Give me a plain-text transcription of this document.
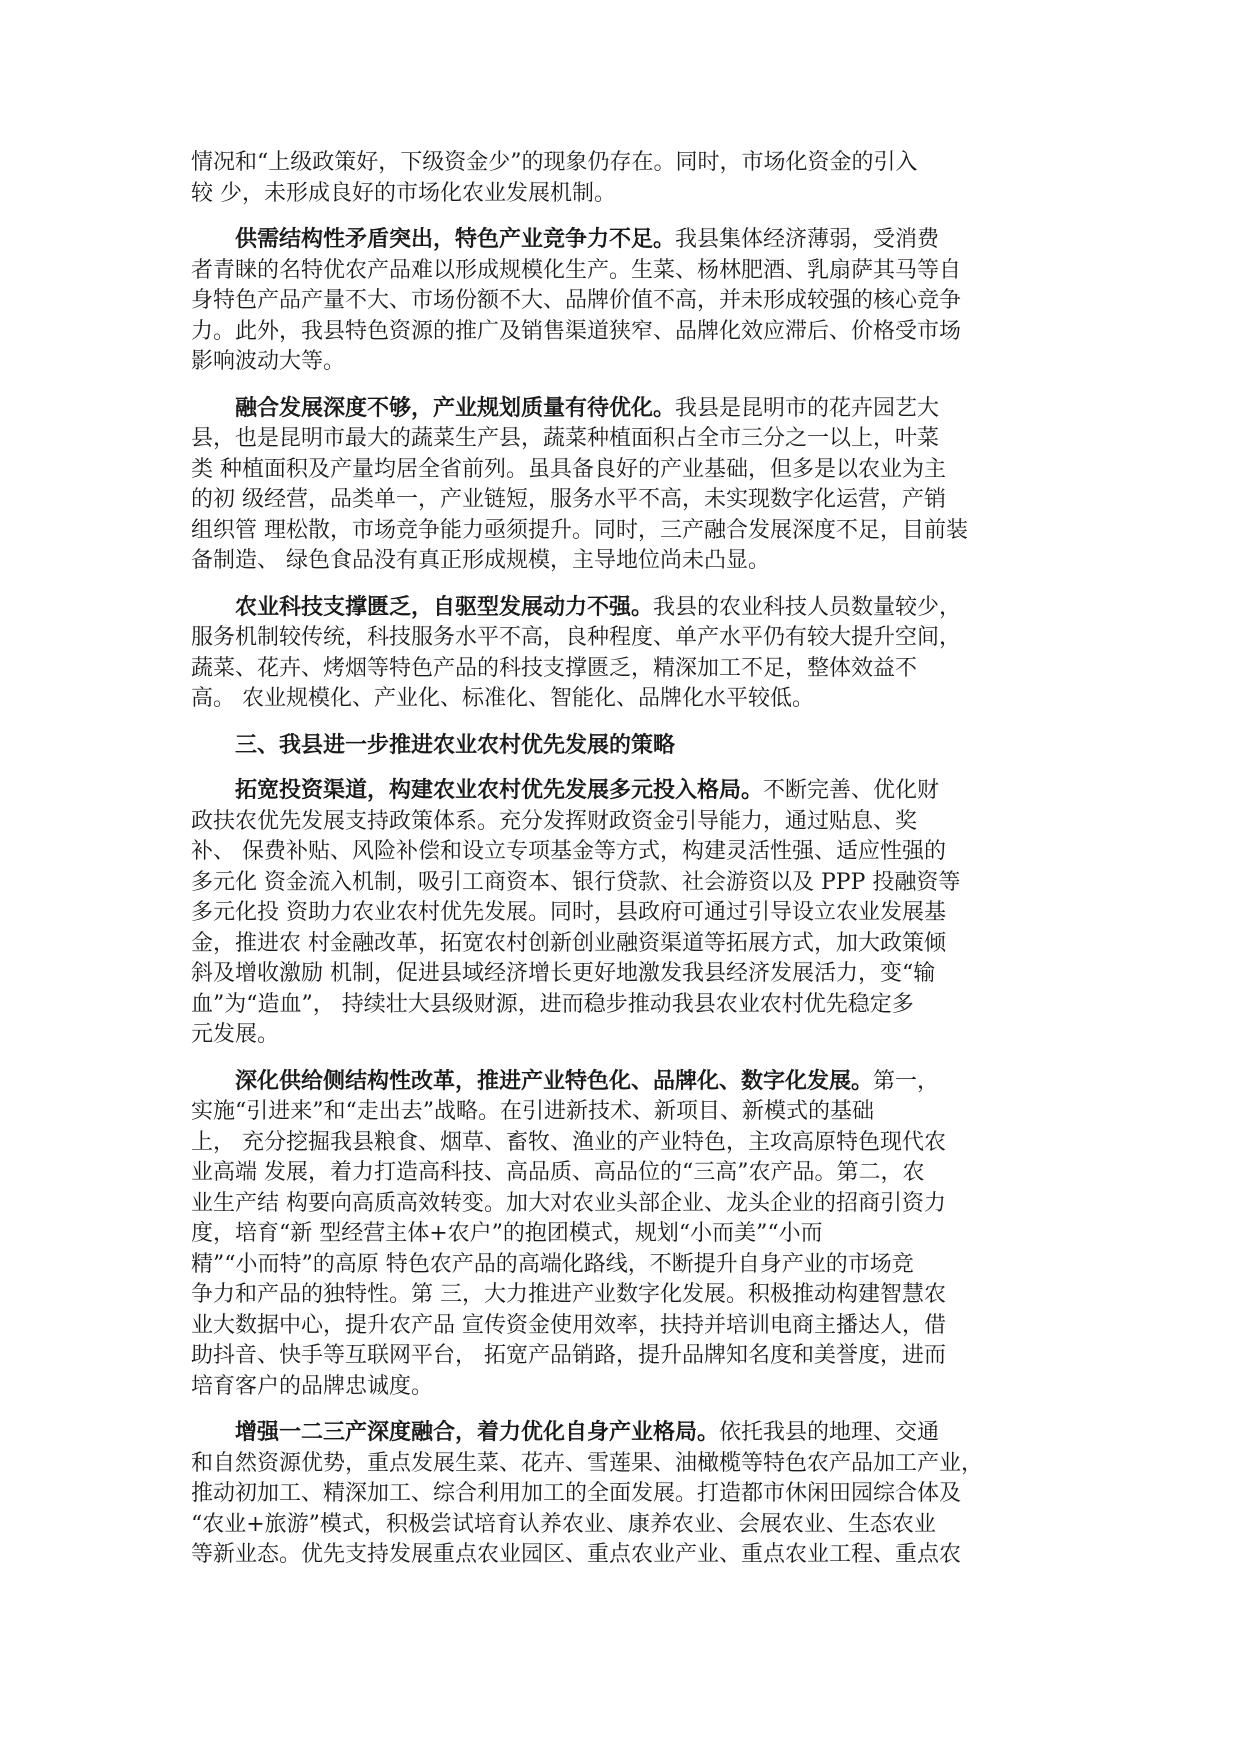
情况和“上级政策好，下级资金少”的现象仍存在。同时，市场化资金的引入
较 少，未形成良好的市场化农业发展机制。
供需结构性矛盾突出，特色产业竞争力不足。我县集体经济薄弱，受消费
者青睐的名特优农产品难以形成规模化生产。生菜、杨林肥酒、乳扇萨其马等自
身特色产品产量不大、市场份额不大、品牌价值不高，并未形成较强的核心竞争
力。此外，我县特色资源的推广及销售渠道狭窄、品牌化效应滞后、价格受市场
影响波动大等。
融合发展深度不够，产业规划质量有待优化。我县是昆明市的花卉园艺大
县，也是昆明市最大的蔬菜生产县，蔬菜种植面积占全市三分之一以上，叶菜
类 种植面积及产量均居全省前列。虽具备良好的产业基础，但多是以农业为主
的初 级经营，品类单一，产业链短，服务水平不高，未实现数字化运营，产销
组织管 理松散，市场竞争能力亟须提升。同时，三产融合发展深度不足，目前装
备制造、 绿色食品没有真正形成规模，主导地位尚未凸显。
农业科技支撑匮乏，自驱型发展动力不强。我县的农业科技人员数量较少，
服务机制较传统，科技服务水平不高，良种程度、单产水平仍有较大提升空间，
蔬菜、花卉、烤烟等特色产品的科技支撑匮乏，精深加工不足，整体效益不
高。 农业规模化、产业化、标准化、智能化、品牌化水平较低。
三、我县进一步推进农业农村优先发展的策略
拓宽投资渠道，构建农业农村优先发展多元投入格局。不断完善、优化财
政扶农优先发展支持政策体系。充分发挥财政资金引导能力，通过贴息、奖
补、 保费补贴、风险补偿和设立专项基金等方式，构建灵活性强、适应性强的
多元化 资金流入机制，吸引工商资本、银行贷款、社会游资以及 PPP 投融资等
多元化投 资助力农业农村优先发展。同时，县政府可通过引导设立农业发展基
金，推进农 村金融改革，拓宽农村创新创业融资渠道等拓展方式，加大政策倾
斜及增收激励 机制，促进县域经济增长更好地激发我县经济发展活力，变“输
血”为“造血”， 持续壮大县级财源，进而稳步推动我县农业农村优先稳定多
元发展。
深化供给侧结构性改革，推进产业特色化、品牌化、数字化发展。第一，
实施“引进来”和“走出去”战略。在引进新技术、新项目、新模式的基础
上， 充分挖掘我县粮食、烟草、畜牧、渔业的产业特色，主攻高原特色现代农
业高端 发展，着力打造高科技、高品质、高品位的“三高”农产品。第二，农
业生产结 构要向高质高效转变。加大对农业头部企业、龙头企业的招商引资力
度，培育“新 型经营主体+农户”的抱团模式，规划“小而美”“小而
精”“小而特”的高原 特色农产品的高端化路线，不断提升自身产业的市场竞
争力和产品的独特性。第 三，大力推进产业数字化发展。积极推动构建智慧农
业大数据中心，提升农产品 宣传资金使用效率，扶持并培训电商主播达人，借
助抖音、快手等互联网平台， 拓宽产品销路，提升品牌知名度和美誉度，进而
培育客户的品牌忠诚度。
增强一二三产深度融合，着力优化自身产业格局。依托我县的地理、交通
和自然资源优势，重点发展生菜、花卉、雪莲果、油橄榄等特色农产品加工产业，
推动初加工、精深加工、综合利用加工的全面发展。打造都市休闲田园综合体及
“农业+旅游”模式，积极尝试培育认养农业、康养农业、会展农业、生态农业
等新业态。优先支持发展重点农业园区、重点农业产业、重点农业工程、重点农
